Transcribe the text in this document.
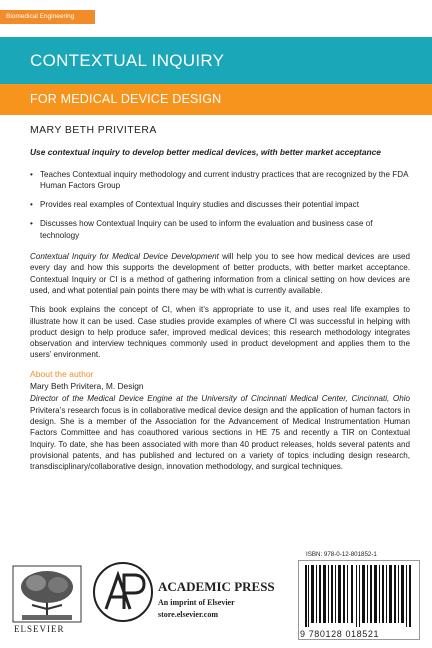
Biomedical Engineering
CONTEXTUAL INQUIRY
FOR MEDICAL DEVICE DESIGN
MARY BETH PRIVITERA
Use contextual inquiry to develop better medical devices, with better market acceptance
• Teaches Contextual inquiry methodology and current industry practices that are recognized by the FDA Human Factors Group
• Provides real examples of Contextual Inquiry studies and discusses their potential impact
• Discusses how Contextual Inquiry can be used to inform the evaluation and business case of technology

Contextual Inquiry for Medical Device Development will help you to see how medical devices are used every day and how this supports the development of better products, with better market acceptance. Contextual Inquiry or CI is a method of gathering information from a clinical setting on how devices are used, and what potential pain points there may be with what is currently available.

This book explains the concept of CI, when it’s appropriate to use it, and uses real life examples to illustrate how it can be used. Case studies provide examples of where CI was successful in helping with product design to help produce safer, improved medical devices; this research methodology integrates observation and interview techniques commonly used in product development and applies them to the users’ environment.

About the author
Mary Beth Privitera, M. Design

Director of the Medical Device Engine at the University of Cincinnati Medical Center, Cincinnati, Ohio Privitera’s research focus is in collaborative medical device design and the application of human factors in design. She is a member of the Association for the Advancement of Medical Instrumentation Human Factors Committee and has coauthored various sections in HE 75 and recently a TIR on Contextual Inquiry. To date, she has been associated with more than 40 product releases, holds several patents and provisional patents, and has published and lectured on a variety of topics including design research, transdisciplinary/collaborative design, innovation methodology, and surgical techniques.

ELSEVIER
ACADEMIC PRESS
An imprint of Elsevier
store.elsevier.com
ISBN: 978-0-12-801852-1
9 780128 018521
